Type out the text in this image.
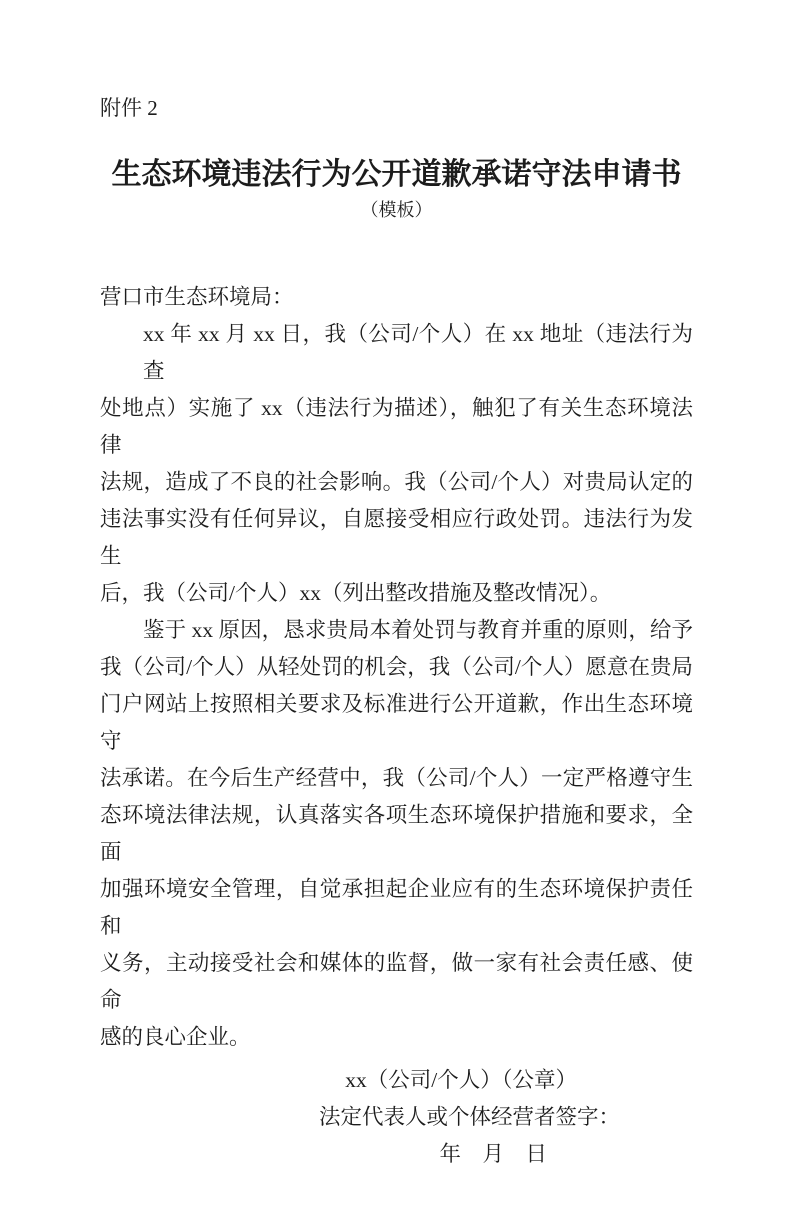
附件 2
生态环境违法行为公开道歉承诺守法申请书
（模板）
营口市生态环境局：
xx 年 xx 月 xx 日，我（公司/个人）在 xx 地址（违法行为查
处地点）实施了 xx（违法行为描述），触犯了有关生态环境法律
法规，造成了不良的社会影响。我（公司/个人）对贵局认定的
违法事实没有任何异议，自愿接受相应行政处罚。违法行为发生
后，我（公司/个人）xx（列出整改措施及整改情况）。
鉴于 xx 原因，恳求贵局本着处罚与教育并重的原则，给予
我（公司/个人）从轻处罚的机会，我（公司/个人）愿意在贵局
门户网站上按照相关要求及标准进行公开道歉，作出生态环境守
法承诺。在今后生产经营中，我（公司/个人）一定严格遵守生
态环境法律法规，认真落实各项生态环境保护措施和要求，全面
加强环境安全管理，自觉承担起企业应有的生态环境保护责任和
义务，主动接受社会和媒体的监督，做一家有社会责任感、使命
感的良心企业。
xx（公司/个人）（公章）
法定代表人或个体经营者签字：
年　月　日
